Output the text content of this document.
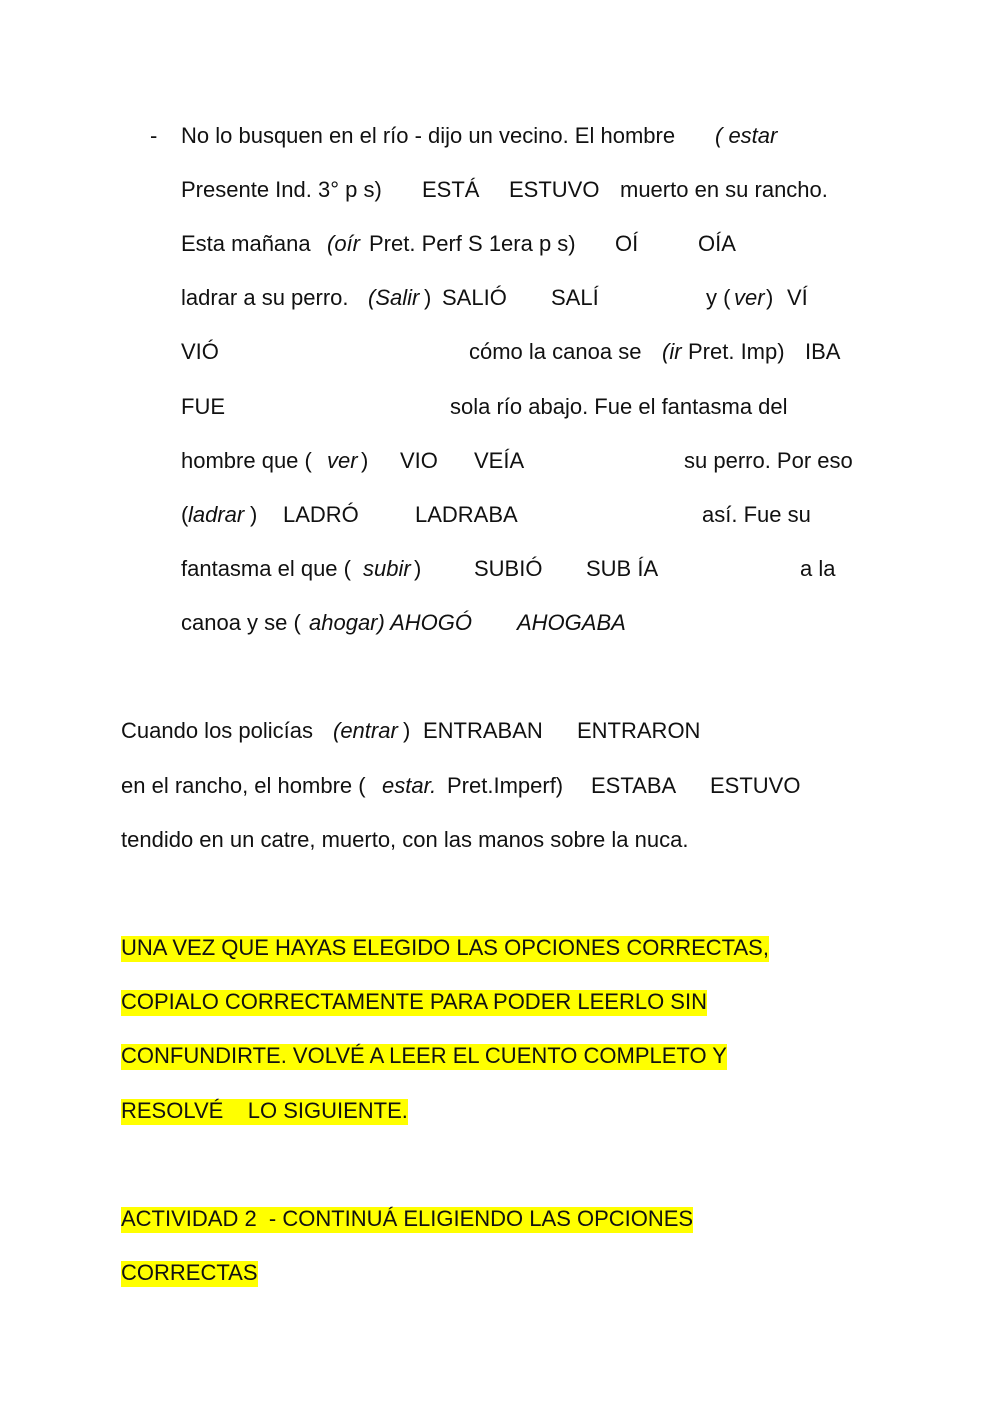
- No lo busquen en el río - dijo un vecino. El hombre ( estar
Presente Ind. 3° p s) ESTÁ ESTUVO muerto en su rancho.
Esta mañana (oír Pret. Perf S 1era p s) OÍ	OÍA
ladrar a su perro. (Salir ) SALIÓ SALÍ	y ( ver ) VÍ
VIÓ	cómo la canoa se (ir Pret. Imp) IBA
FUE	sola río abajo. Fue el fantasma del
hombre que ( ver ) VIO VEÍA	su perro. Por eso
( ladrar ) LADRÓ	LADRABA	así. Fue su
fantasma el que ( subir ) SUBIÓ SUB ÍA	a la
canoa y se ( ahogar) AHOGÓ AHOGABA
Cuando los policías (entrar ) ENTRABAN ENTRARON
en el rancho, el hombre ( estar. Pret.Imperf) ESTABA ESTUVO
tendido en un catre, muerto, con las manos sobre la nuca.
UNA VEZ QUE HAYAS ELEGIDO LAS OPCIONES CORRECTAS,
COPIALO CORRECTAMENTE PARA PODER LEERLO SIN
CONFUNDIRTE. VOLVÉ A LEER EL CUENTO COMPLETO Y
RESOLVÉ    LO SIGUIENTE.
ACTIVIDAD 2  - CONTINUÁ ELIGIENDO LAS OPCIONES
CORRECTAS
